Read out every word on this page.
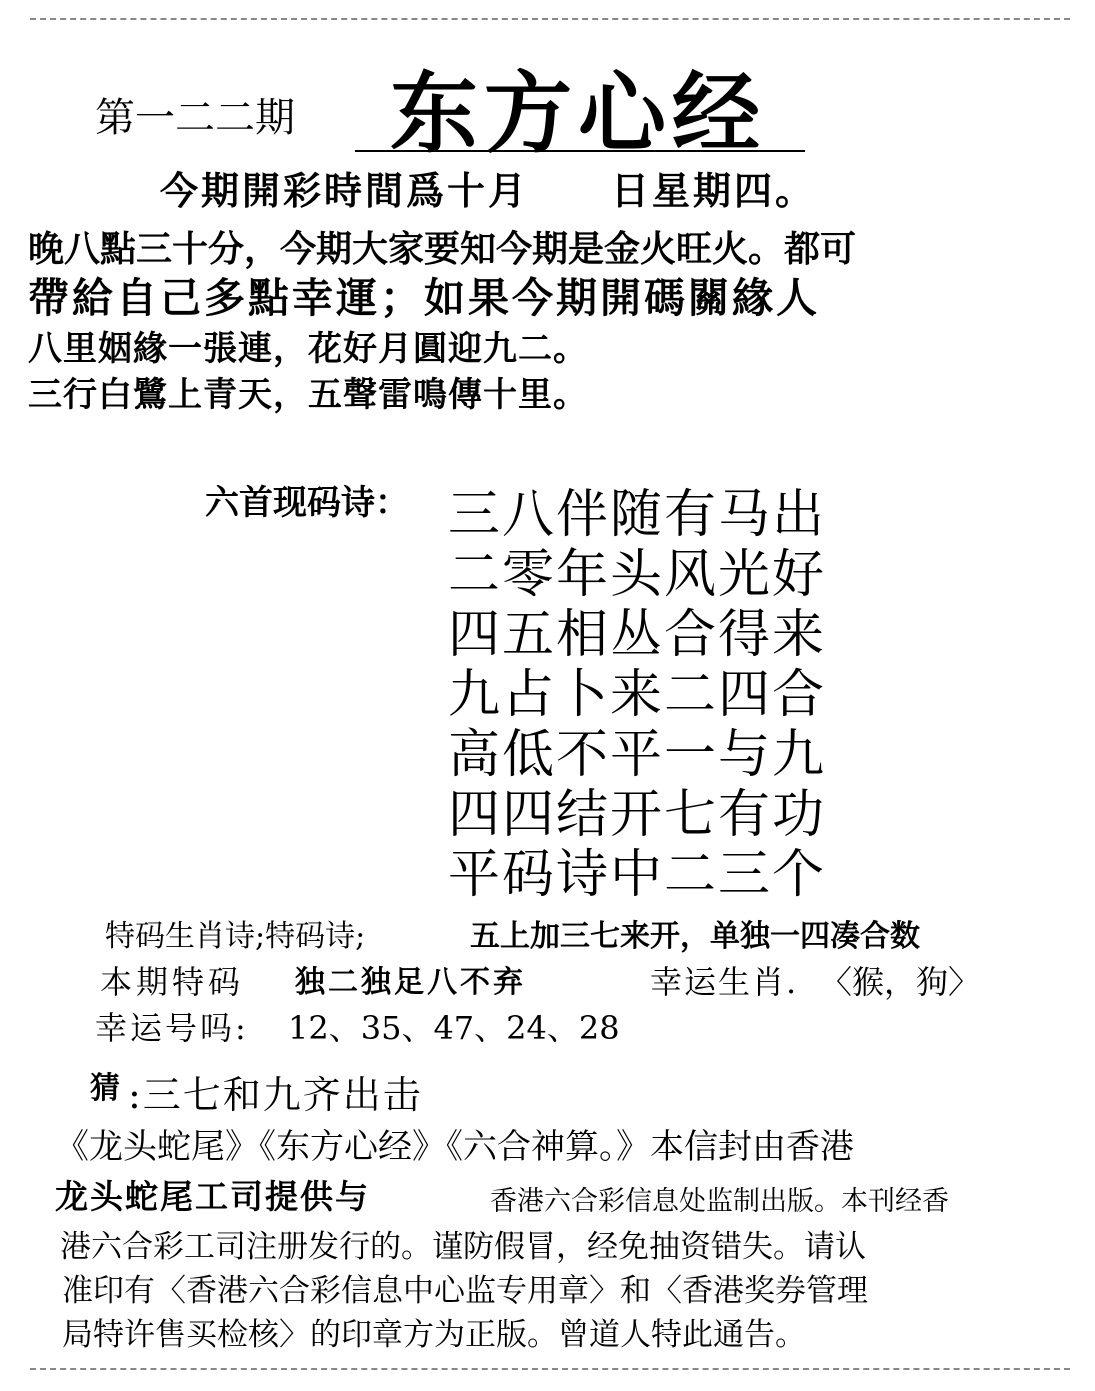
第一二二期 东方心经
今期開彩時間爲十月　　日星期四。
晚八點三十分，今期大家要知今期是金火旺火。都可
帶給自己多點幸運；如果今期開碼關緣人
八里姻緣一張連，花好月圓迎九二。
三行白鷺上青天，五聲雷鳴傳十里。
六首现码诗： 三八伴随有马出
二零年头风光好
四五相丛合得来
九占卜来二四合
高低不平一与九
四四结开七有功
平码诗中二三个
特码生肖诗;特码诗;	五上加三七来开，单独一四凑合数
本期特码 独二独足八不弃	幸运生肖. 〈猴，狗〉
幸运号吗: 12、35、47、24、28
猜 :三七和九齐出击
《龙头蛇尾》《东方心经》《六合神算。》本信封由香港
龙头蛇尾工司提供与	香港六合彩信息处监制出版。本刊经香
港六合彩工司注册发行的。谨防假冒，经免抽资错失。请认
准印有〈香港六合彩信息中心监专用章〉和〈香港奖券管理
局特许售买检核〉的印章方为正版。曾道人特此通告。
